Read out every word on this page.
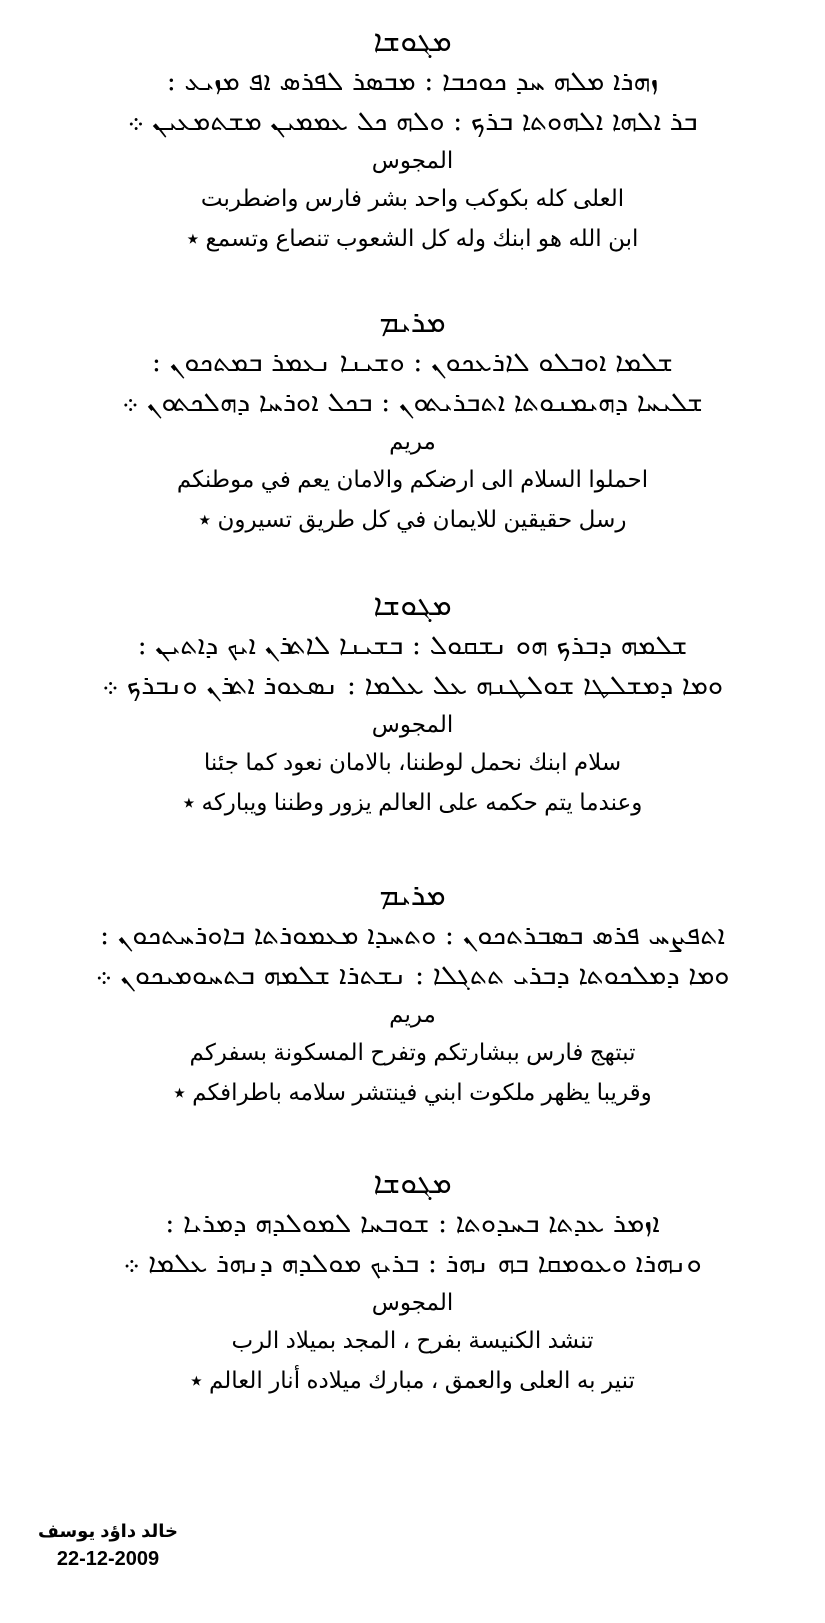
ܡܓܘܫܐ
ܙܗܪܐ ܡܠܗ ܚܕ ܟܘܟܒܐ : ܡܒܣܪ ܠܦܪܣ ܐܦ ܡܙܝܥ :
ܒܪ ܐܠܗܐ ܐܠܗܘܬܐ ܒܪܟ : ܘܠܗ ܟܠ ܥܡܡܝܢ ܡܫܬܡܥܝܢ ܀
المجوس
العلى كله بكوكب واحد بشر فارس واضطربت
ابن الله هو ابنك وله كل الشعوب تنصاع وتسمع ٭
ܡܪܝܡ
ܫܠܡܐ ܐܘܒܠܘ ܠܐܪܥܟܘܢ : ܘܫܝܢܐ ܢܥܡܪ ܒܡܬܟܘܢ :
ܫܠܝܚܐ ܕܗܝܡܢܘܬܐ ܐܬܒܪܝܬܘܢ : ܒܟܠ ܐܘܪܚܐ ܕܗܠܟܬܘܢ ܀
مريم
احملوا السلام الى ارضكم والامان يعم في موطنكم
رسل حقيقين للايمان في كل طريق تسيرون ٭
ܡܓܘܫܐ
ܫܠܡܗ ܕܒܪܟ ܗܘ ܢܫܩܘܠ : ܒܫܝܢܐ ܠܐܬܪܢ ܐܝܟ ܕܐܬܝܢ :
ܘܡܐ ܕܡܫܠܛܐ ܫܘܠܛܢܗ ܥܠ ܥܠܡܐ : ܢܣܥܘܪ ܐܬܪܢ ܘܢܒܪܟ ܀
المجوس
سلام ابنك نحمل لوطننا، بالامان نعود كما جئنا
وعندما يتم حكمه على العالم يزور وطننا ويباركه ٭
ܡܪܝܡ
ܐܬܦܨܚ ܦܪܣ ܒܣܒܪܬܟܘܢ : ܘܬܚܕܐ ܡܥܡܘܪܬܐ ܒܐܘܪܚܬܟܘܢ :
ܘܡܐ ܕܡܠܟܘܬܐ ܕܒܪܝ ܬܬܓܠܐ : ܢܫܬܪܐ ܫܠܡܗ ܒܬܚܘܡܝܟܘܢ ܀
مريم
تبتهج فارس ببشارتكم وتفرح المسكونة بسفركم
وقريبا يظهر ملكوت ابني فينتشر سلامه باطرافكم ٭
ܡܓܘܫܐ
ܐܙܡܪ ܥܕܬܐ ܒܚܕܘܬܐ : ܫܘܒܚܐ ܠܡܘܠܕܗ ܕܡܪܝܐ :
ܘܢܗܪܐ ܘܥܘܡܩܐ ܒܗ ܢܗܪ : ܒܪܝܟ ܡܘܠܕܗ ܕܢܗܪ ܥܠܡܐ ܀
المجوس
تنشد الكنيسة بفرح ، المجد بميلاد الرب
تنير به العلى والعمق ، مبارك ميلاده أنار العالم ٭
خالد داؤد يوسف
22-12-2009
